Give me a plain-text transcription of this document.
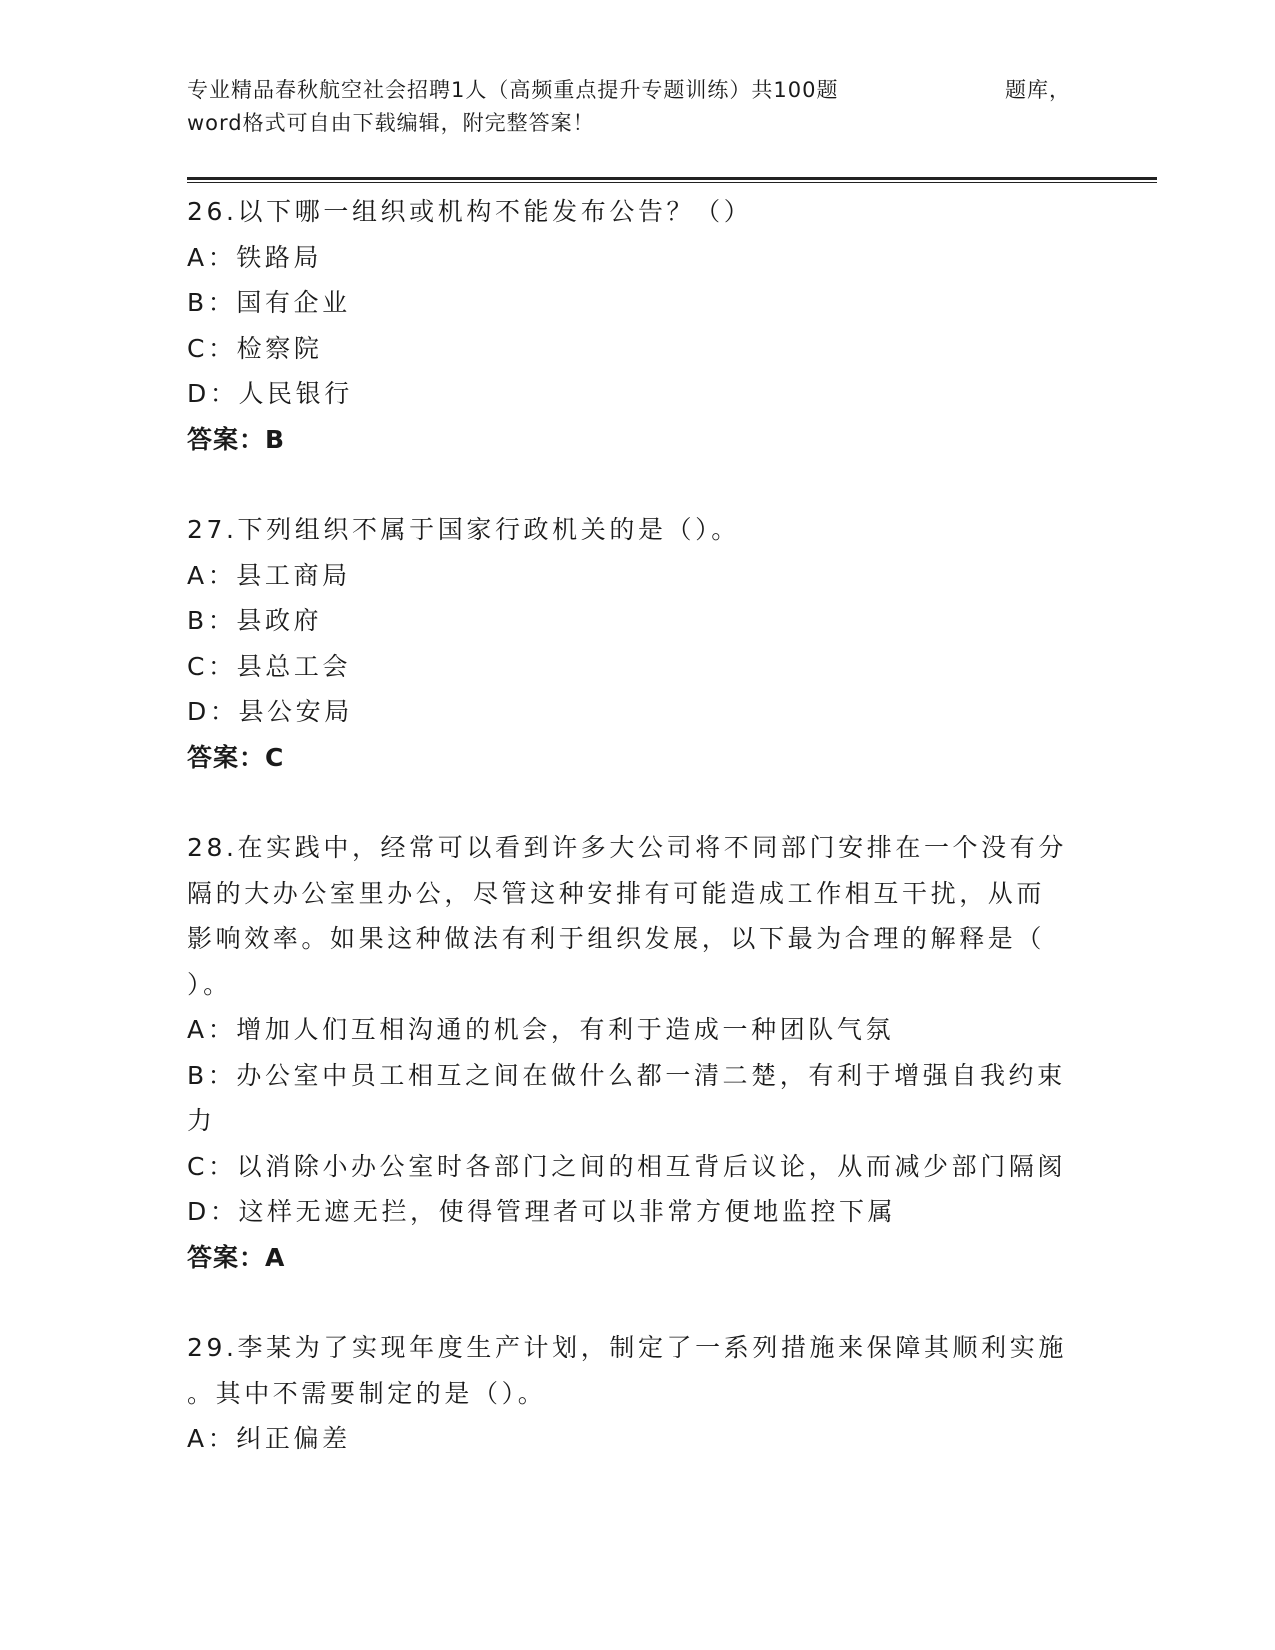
专业精品春秋航空社会招聘1人（高频重点提升专题训练）共100题	题库，
word格式可自由下载编辑，附完整答案！
26.以下哪一组织或机构不能发布公告？（）
A：铁路局
B：国有企业
C：检察院
D：人民银行
答案：B
27.下列组织不属于国家行政机关的是（）。
A：县工商局
B：县政府
C：县总工会
D：县公安局
答案：C
28.在实践中，经常可以看到许多大公司将不同部门安排在一个没有分
隔的大办公室里办公，尽管这种安排有可能造成工作相互干扰，从而
影响效率。如果这种做法有利于组织发展，以下最为合理的解释是（
）。
A：增加人们互相沟通的机会，有利于造成一种团队气氛
B：办公室中员工相互之间在做什么都一清二楚，有利于增强自我约束
力
C：以消除小办公室时各部门之间的相互背后议论，从而减少部门隔阂
D：这样无遮无拦，使得管理者可以非常方便地监控下属
答案：A
29.李某为了实现年度生产计划，制定了一系列措施来保障其顺利实施
。其中不需要制定的是（）。
A：纠正偏差
